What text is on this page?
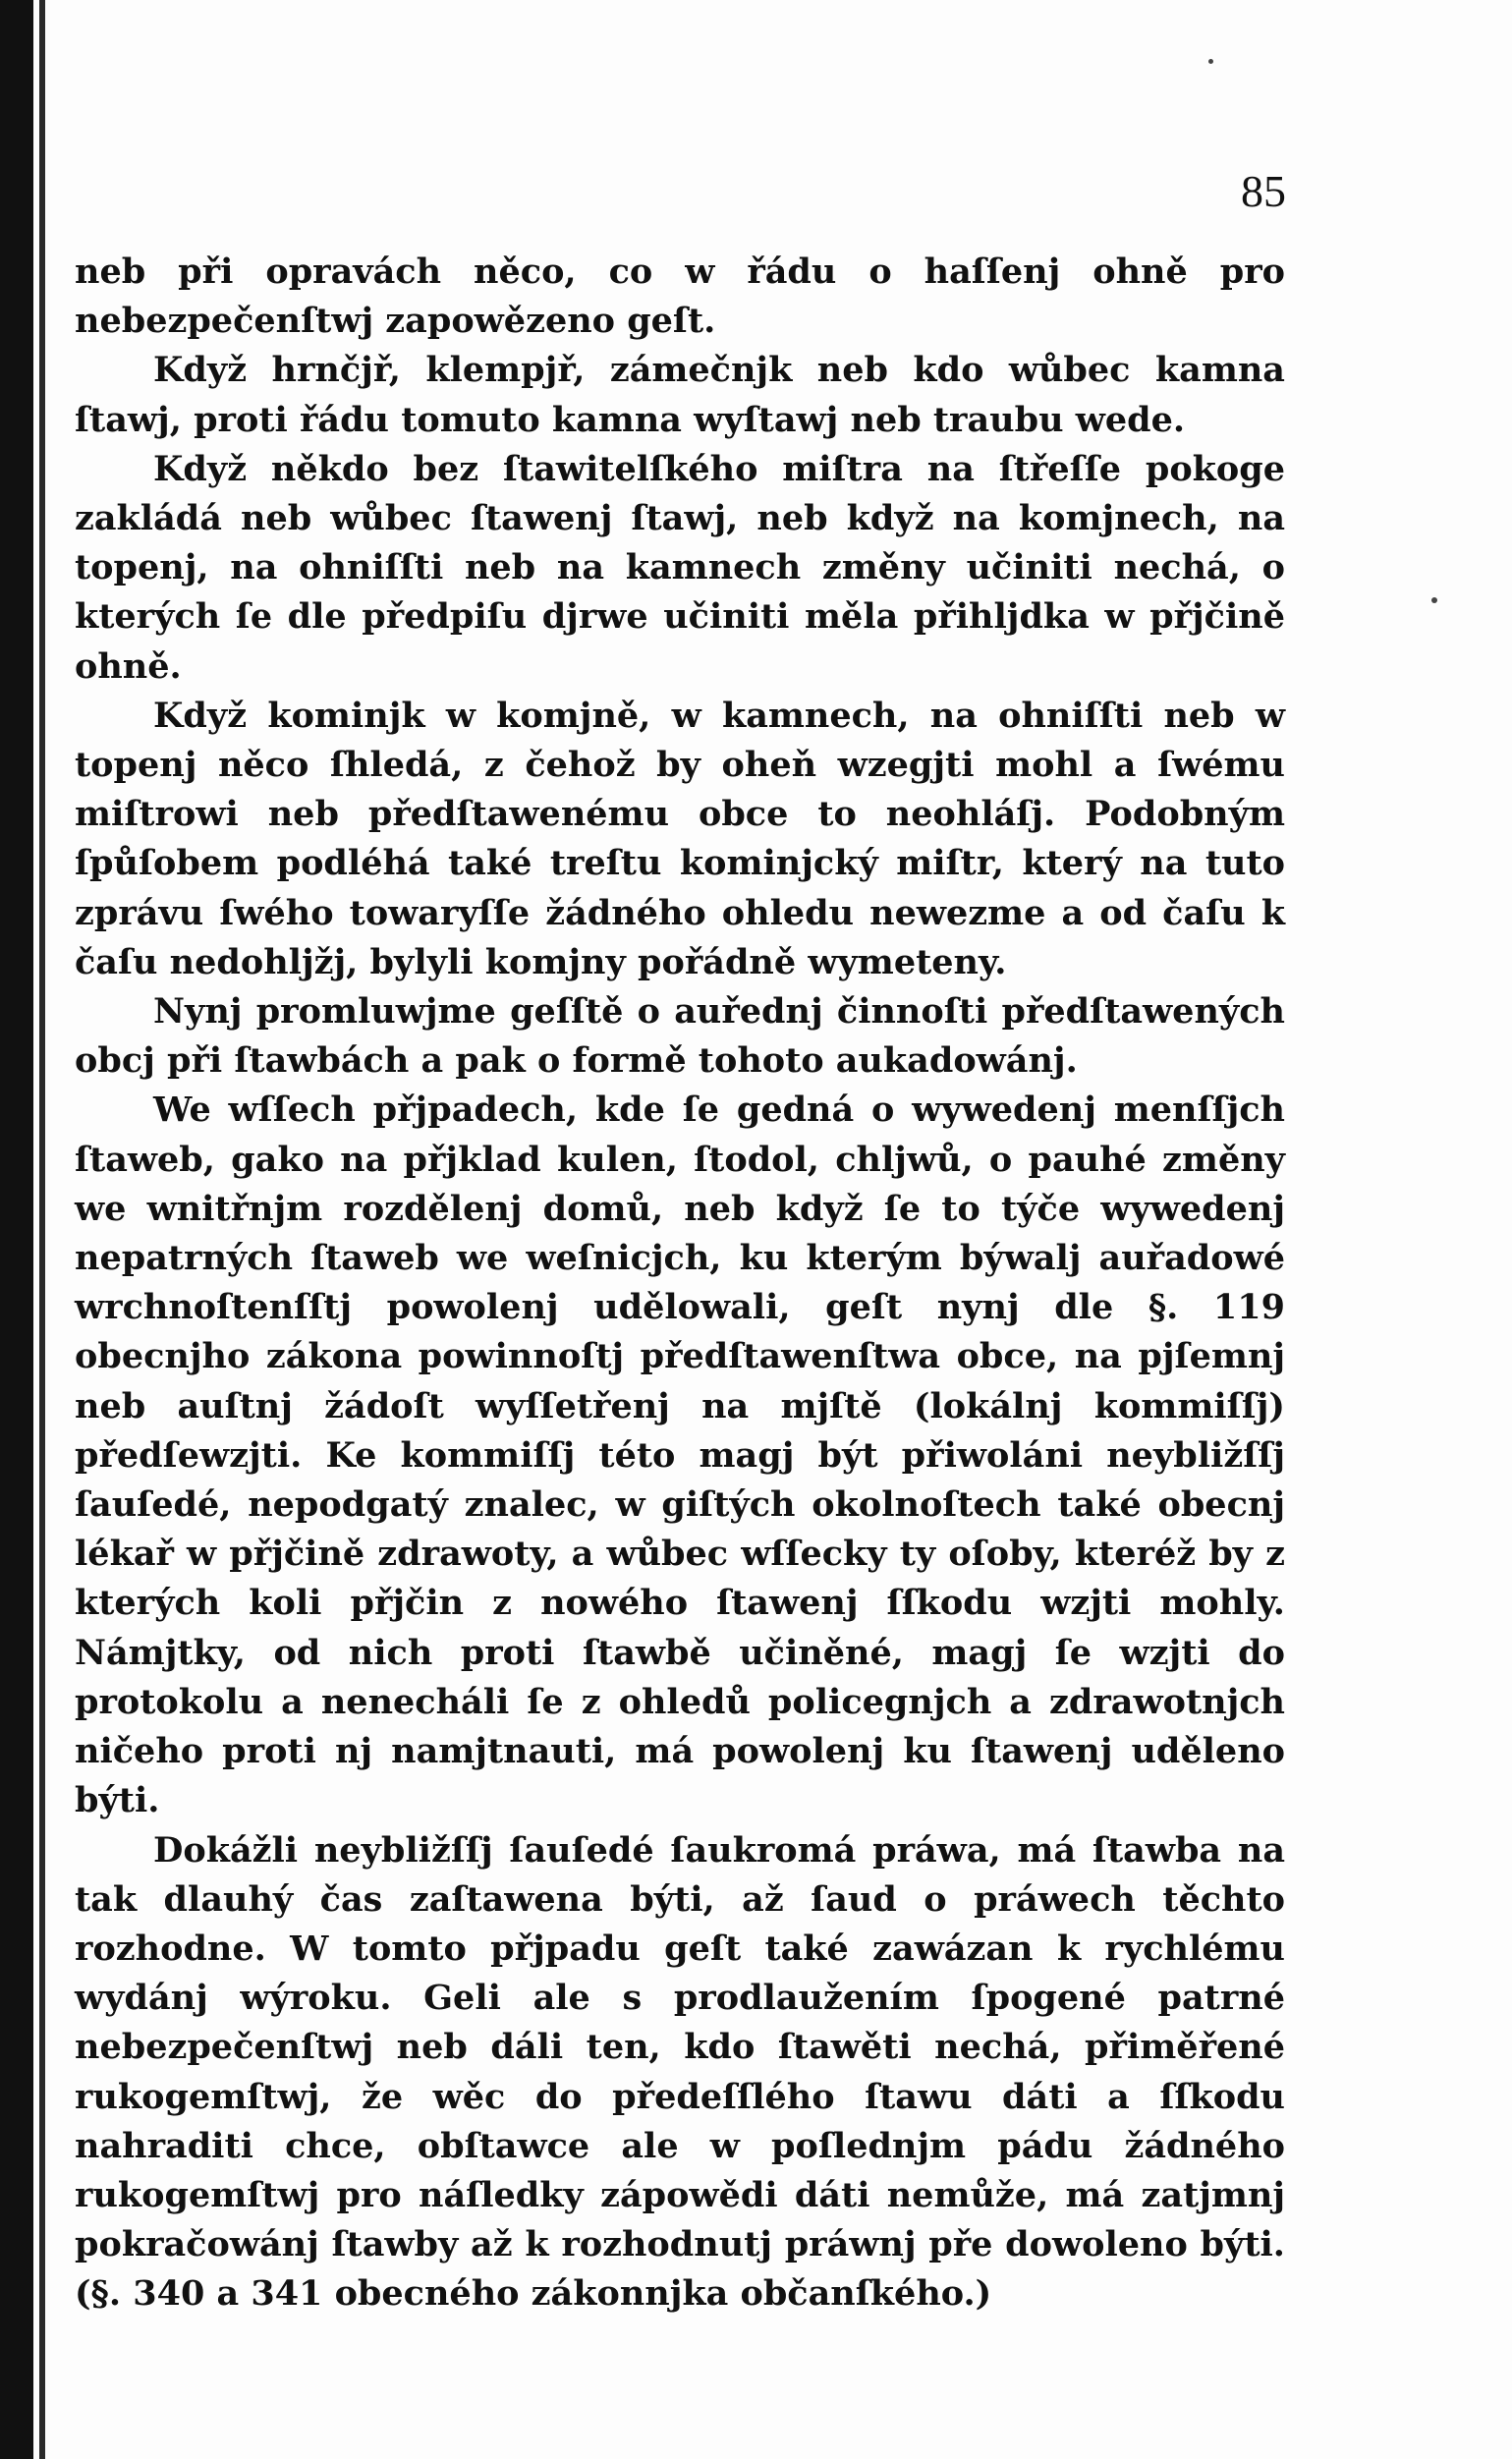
85

neb při opravách něco, co w řádu o haſſenj ohně pro nebezpečenſtwj zapowězeno geſt.

Když hrnčjř, klempjř, zámečnjk neb kdo wůbec kamna ſtawj, proti řádu tomuto kamna wyſtawj neb traubu wede.

Když někdo bez ſtawitelſkého miſtra na ſtřeſſe pokoge zakládá neb wůbec ſtawenj ſtawj, neb když na komjnech, na topenj, na ohniſſti neb na kamnech změny učiniti nechá, o kterých ſe dle předpiſu djrwe učiniti měla přihljdka w přjčině ohně.

Když kominjk w komjně, w kamnech, na ohniſſti neb w topenj něco ſhledá, z čehož by oheň wzegjti mohl a ſwému miſtrowi neb předſtawenému obce to neohláſj. Podobným ſpůſobem podléhá také treſtu kominjcký miſtr, který na tuto zprávu ſwého towaryſſe žádného ohledu newezme a od čaſu k čaſu nedohljžj, bylyli komjny pořádně wymeteny.

Nynj promluwjme geſſtě o auřednj činnoſti předſtawených obcj při ſtawbách a pak o formě tohoto aukadowánj.

We wſſech přjpadech, kde ſe gedná o wywedenj menſſjch ſtaweb, gako na přjklad kulen, ſtodol, chljwů, o pauhé změny we wnitřnjm rozdělenj domů, neb když ſe to týče wywedenj nepatrných ſtaweb we weſnicjch, ku kterým býwalj auřadowé wrchnoſtenſſtj powolenj udělowali, geſt nynj dle §. 119 obecnjho zákona powinnoſtj předſtawenſtwa obce, na pjſemnj neb auſtnj žádoſt wyſſetřenj na mjſtě (lokálnj kommiſſj) předſewzjti. Ke kommiſſj této magj být přiwoláni neybližſſj ſauſedé, nepodgatý znalec, w giſtých okolnoſtech také obecnj lékař w přjčině zdrawoty, a wůbec wſſecky ty oſoby, kteréž by z kterých koli přjčin z nowého ſtawenj ſſkodu wzjti mohly. Námjtky, od nich proti ſtawbě učiněné, magj ſe wzjti do protokolu a nenecháli ſe z ohledů policegnjch a zdrawotnjch ničeho proti nj namjtnauti, má powolenj ku ſtawenj uděleno býti.

Dokážli neybližſſj ſauſedé ſaukromá práwa, má ſtawba na tak dlauhý čas zaſtawena býti, až ſaud o práwech těchto rozhodne. W tomto přjpadu geſt také zawázan k rychlému wydánj wýroku. Geli ale s prodlaužením ſpogené patrné nebezpečenſtwj neb dáli ten, kdo ſtawěti nechá, přiměřené rukogemſtwj, že wěc do předeſſlého ſtawu dáti a ſſkodu nahraditi chce, obſtawce ale w poſlednjm pádu žádného rukogemſtwj pro náſledky zápowědi dáti nemůže, má zatjmnj pokračowánj ſtawby až k rozhodnutj práwnj pře dowoleno býti. (§. 340 a 341 obecného zákonnjka občanſkého.)
